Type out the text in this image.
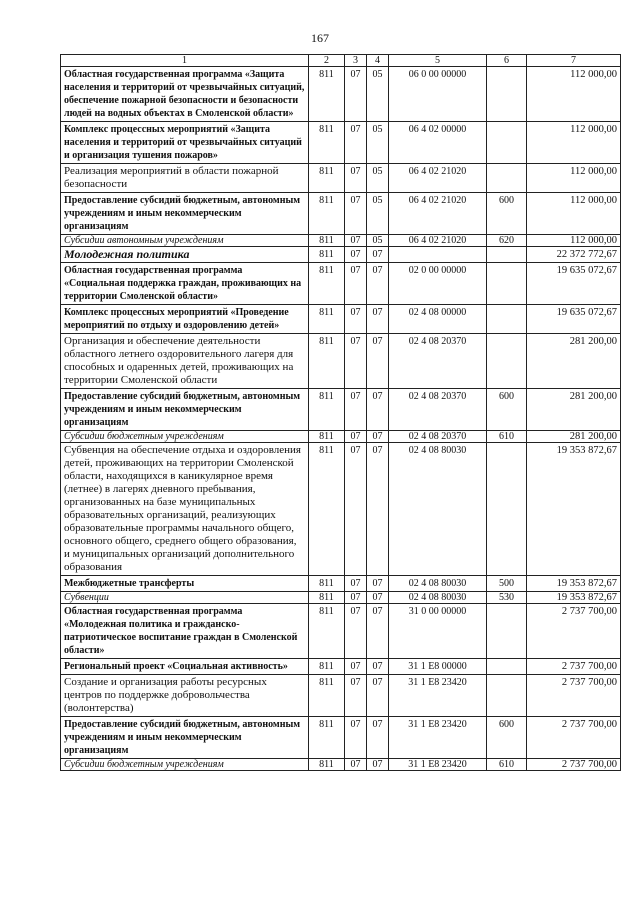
167
1	2	3	4	5	6	7
Областная государственная программа «Защита населения и территорий от чрезвычайных ситуаций, обеспечение пожарной безопасности и безопасности людей на водных объектах в Смоленской области»	811	07	05	06 0 00 00000		112 000,00
Комплекс процессных мероприятий «Защита населения и территорий от чрезвычайных ситуаций и организация тушения пожаров»	811	07	05	06 4 02 00000		112 000,00
Реализация мероприятий в области пожарной безопасности	811	07	05	06 4 02 21020		112 000,00
Предоставление субсидий бюджетным, автономным учреждениям и иным некоммерческим организациям	811	07	05	06 4 02 21020	600	112 000,00
Субсидии автономным учреждениям	811	07	05	06 4 02 21020	620	112 000,00
Молодежная политика	811	07	07			22 372 772,67
Областная государственная программа «Социальная поддержка граждан, проживающих на территории Смоленской области»	811	07	07	02 0 00 00000		19 635 072,67
Комплекс процессных мероприятий «Проведение мероприятий по отдыху и оздоровлению детей»	811	07	07	02 4 08 00000		19 635 072,67
Организация и обеспечение деятельности областного летнего оздоровительного лагеря для способных и одаренных детей, проживающих на территории Смоленской области	811	07	07	02 4 08 20370		281 200,00
Предоставление субсидий бюджетным, автономным учреждениям и иным некоммерческим организациям	811	07	07	02 4 08 20370	600	281 200,00
Субсидии бюджетным учреждениям	811	07	07	02 4 08 20370	610	281 200,00
Субвенция на обеспечение отдыха и оздоровления детей, проживающих на территории Смоленской области, находящихся в каникулярное время (летнее) в лагерях дневного пребывания, организованных на базе муниципальных образовательных организаций, реализующих образовательные программы начального общего, основного общего, среднего общего образования, и муниципальных организаций дополнительного образования	811	07	07	02 4 08 80030		19 353 872,67
Межбюджетные трансферты	811	07	07	02 4 08 80030	500	19 353 872,67
Субвенции	811	07	07	02 4 08 80030	530	19 353 872,67
Областная государственная программа «Молодежная политика и гражданско-патриотическое воспитание граждан в Смоленской области»	811	07	07	31 0 00 00000		2 737 700,00
Региональный проект «Социальная активность»	811	07	07	31 1 E8 00000		2 737 700,00
Создание и организация работы ресурсных центров по поддержке добровольчества (волонтерства)	811	07	07	31 1 E8 23420		2 737 700,00
Предоставление субсидий бюджетным, автономным учреждениям и иным некоммерческим организациям	811	07	07	31 1 E8 23420	600	2 737 700,00
Субсидии бюджетным учреждениям	811	07	07	31 1 E8 23420	610	2 737 700,00
